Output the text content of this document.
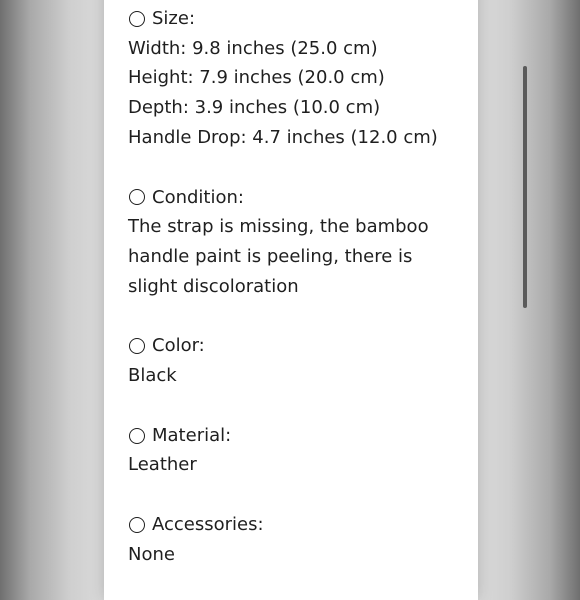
Size:
Width: 9.8 inches (25.0 cm)
Height: 7.9 inches (20.0 cm)
Depth: 3.9 inches (10.0 cm)
Handle Drop: 4.7 inches (12.0 cm)
Condition:
The strap is missing, the bamboo
handle paint is peeling, there is
slight discoloration
Color:
Black
Material:
Leather
Accessories:
None
